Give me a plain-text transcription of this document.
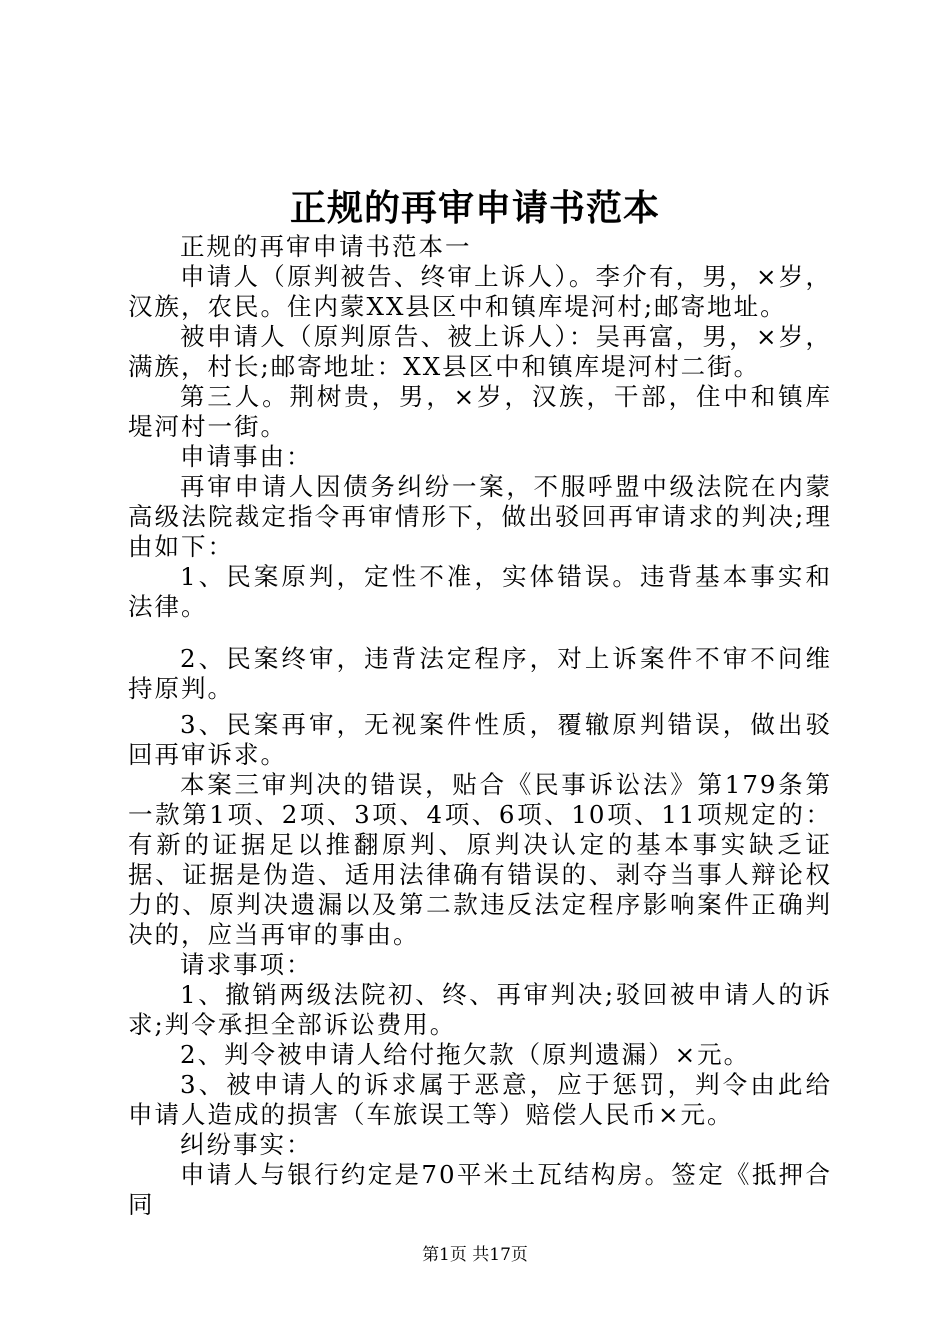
正规的再审申请书范本

正规的再审申请书范本一

申请人（原判被告、终审上诉人）。李介有，男，×岁，汉族，农民。住内蒙XX县区中和镇库堤河村;邮寄地址。

被申请人（原判原告、被上诉人）：吴再富，男，×岁，满族，村长;邮寄地址：XX县区中和镇库堤河村二街。

第三人。荆树贵，男，×岁，汉族，干部，住中和镇库堤河村一街。

申请事由：

再审申请人因债务纠纷一案，不服呼盟中级法院在内蒙高级法院裁定指令再审情形下，做出驳回再审请求的判决;理由如下：

1、民案原判，定性不准，实体错误。违背基本事实和法律。

2、民案终审，违背法定程序，对上诉案件不审不问维持原判。

3、民案再审，无视案件性质，覆辙原判错误，做出驳回再审诉求。

本案三审判决的错误，贴合《民事诉讼法》第179条第一款第1项、2项、3项、4项、6项、10项、11项规定的：有新的证据足以推翻原判、原判决认定的基本事实缺乏证据、证据是伪造、适用法律确有错误的、剥夺当事人辩论权力的、原判决遗漏以及第二款违反法定程序影响案件正确判决的，应当再审的事由。

请求事项：

1、撤销两级法院初、终、再审判决;驳回被申请人的诉求;判令承担全部诉讼费用。

2、判令被申请人给付拖欠款（原判遗漏）×元。

3、被申请人的诉求属于恶意，应于惩罚，判令由此给申请人造成的损害（车旅误工等）赔偿人民币×元。

纠纷事实：

申请人与银行约定是70平米土瓦结构房。签定《抵押合同

第1页 共17页
